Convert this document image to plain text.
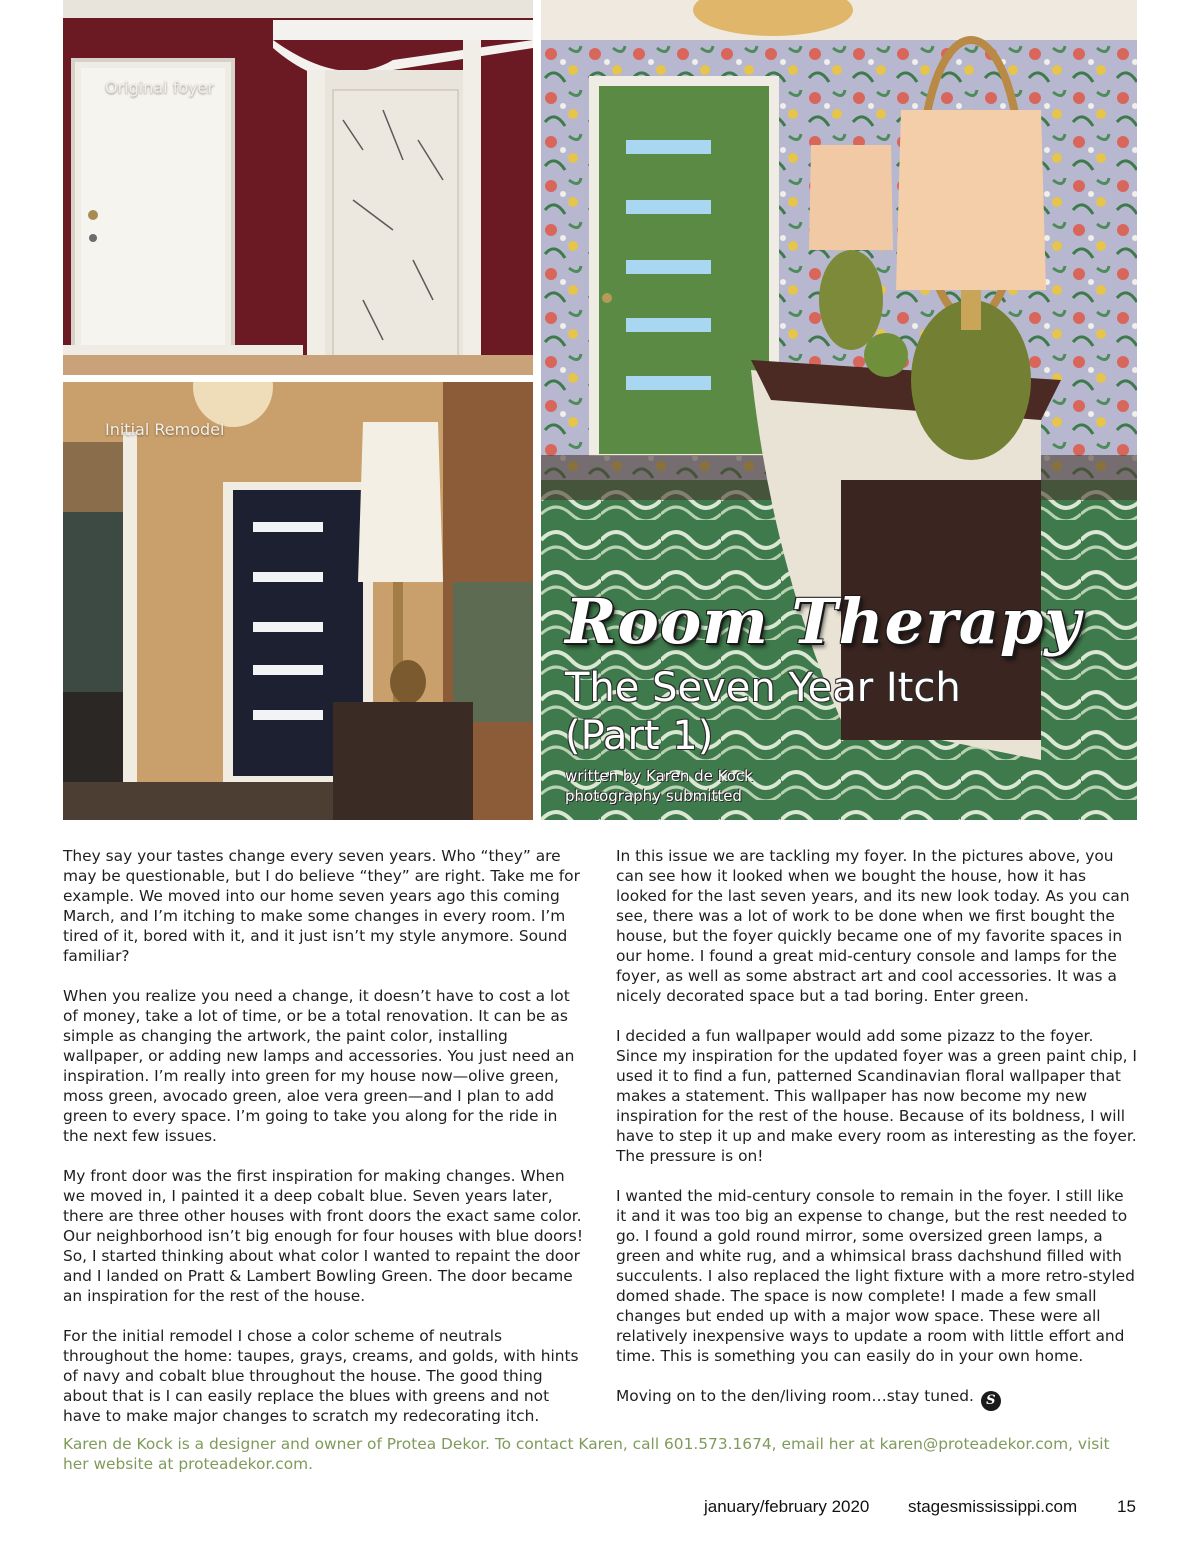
Original foyer
Initial Remodel
Room Therapy
The Seven Year Itch
(Part 1)
written by Karen de Kock
photography submitted

They say your tastes change every seven years. Who “they” are may be questionable, but I do believe “they” are right. Take me for example. We moved into our home seven years ago this coming March, and I’m itching to make some changes in every room. I’m tired of it, bored with it, and it just isn’t my style anymore. Sound familiar?

When you realize you need a change, it doesn’t have to cost a lot of money, take a lot of time, or be a total renovation. It can be as simple as changing the artwork, the paint color, installing wallpaper, or adding new lamps and accessories. You just need an inspiration. I’m really into green for my house now—olive green, moss green, avocado green, aloe vera green—and I plan to add green to every space. I’m going to take you along for the ride in the next few issues.

My front door was the first inspiration for making changes. When we moved in, I painted it a deep cobalt blue. Seven years later, there are three other houses with front doors the exact same color. Our neighborhood isn’t big enough for four houses with blue doors! So, I started thinking about what color I wanted to repaint the door and I landed on Pratt & Lambert Bowling Green. The door became an inspiration for the rest of the house.

For the initial remodel I chose a color scheme of neutrals throughout the home: taupes, grays, creams, and golds, with hints of navy and cobalt blue throughout the house. The good thing about that is I can easily replace the blues with greens and not have to make major changes to scratch my redecorating itch.

In this issue we are tackling my foyer. In the pictures above, you can see how it looked when we bought the house, how it has looked for the last seven years, and its new look today. As you can see, there was a lot of work to be done when we first bought the house, but the foyer quickly became one of my favorite spaces in our home. I found a great mid-century console and lamps for the foyer, as well as some abstract art and cool accessories. It was a nicely decorated space but a tad boring. Enter green.

I decided a fun wallpaper would add some pizazz to the foyer. Since my inspiration for the updated foyer was a green paint chip, I used it to find a fun, patterned Scandinavian floral wallpaper that makes a statement. This wallpaper has now become my new inspiration for the rest of the house. Because of its boldness, I will have to step it up and make every room as interesting as the foyer. The pressure is on!

I wanted the mid-century console to remain in the foyer. I still like it and it was too big an expense to change, but the rest needed to go. I found a gold round mirror, some oversized green lamps, a green and white rug, and a whimsical brass dachshund filled with succulents. I also replaced the light fixture with a more retro-styled domed shade. The space is now complete! I made a few small changes but ended up with a major wow space. These were all relatively inexpensive ways to update a room with little effort and time. This is something you can easily do in your own home.

Moving on to the den/living room…stay tuned. S

Karen de Kock is a designer and owner of Protea Dekor. To contact Karen, call 601.573.1674, email her at karen@proteadekor.com, visit her website at proteadekor.com.
january/february 2020 stagesmississippi.com 15
